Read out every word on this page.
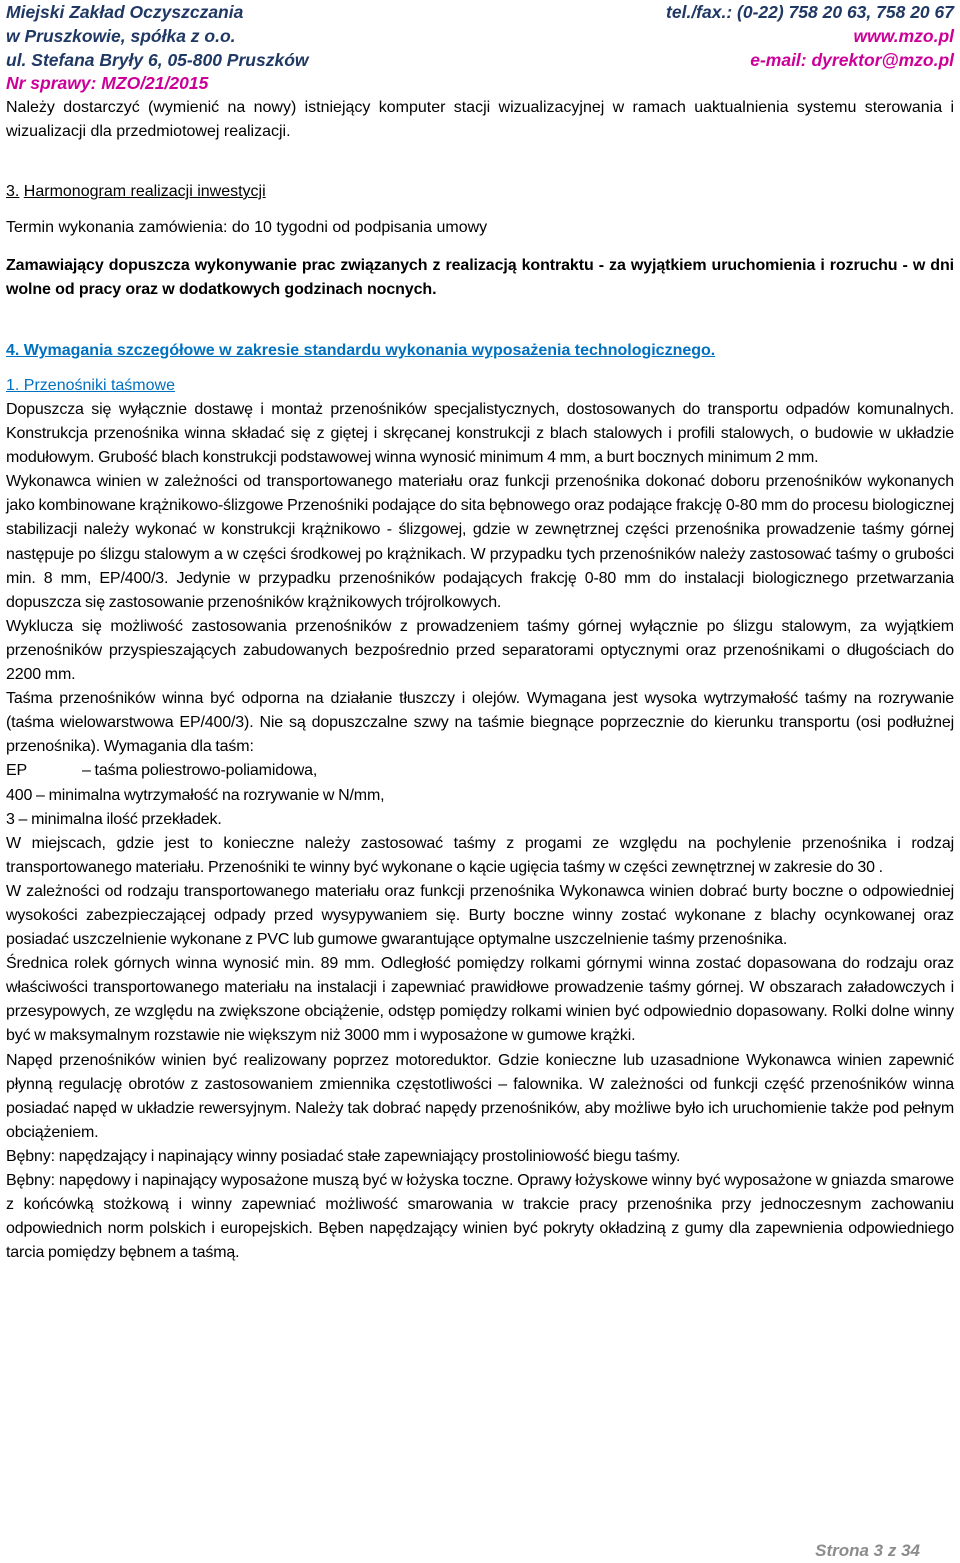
Miejski Zakład Oczyszczania	tel./fax.: (0-22) 758 20 63, 758 20 67
w Pruszkowie, spółka z o.o.	www.mzo.pl
ul. Stefana Bryły 6, 05-800 Pruszków	e-mail: dyrektor@mzo.pl
Nr sprawy: MZO/21/2015
Należy dostarczyć (wymienić na nowy) istniejący komputer stacji wizualizacyjnej w ramach uaktualnienia systemu sterowania i wizualizacji dla przedmiotowej realizacji.
3. Harmonogram realizacji inwestycji
Termin wykonania zamówienia: do 10 tygodni od podpisania umowy
Zamawiający dopuszcza wykonywanie prac związanych z realizacją kontraktu - za wyjątkiem uruchomienia i rozruchu - w dni wolne od pracy oraz w dodatkowych godzinach nocnych.
4. Wymagania szczegółowe w zakresie standardu wykonania wyposażenia technologicznego.
1. Przenośniki taśmowe

Dopuszcza się wyłącznie dostawę i montaż przenośników specjalistycznych, dostosowanych do transportu odpadów komunalnych. Konstrukcja przenośnika winna składać się z giętej i skręcanej konstrukcji z blach stalowych i profili stalowych, o budowie w układzie modułowym. Grubość blach konstrukcji podstawowej winna wynosić minimum 4 mm, a burt bocznych minimum 2 mm.

Wykonawca winien w zależności od transportowanego materiału oraz funkcji przenośnika dokonać doboru przenośników wykonanych jako kombinowane krążnikowo-ślizgowe Przenośniki podające do sita bębnowego oraz podające frakcję 0-80 mm do procesu biologicznej stabilizacji należy wykonać w konstrukcji krążnikowo - ślizgowej, gdzie w zewnętrznej części przenośnika prowadzenie taśmy górnej następuje po ślizgu stalowym a w części środkowej po krążnikach. W przypadku tych przenośników należy zastosować taśmy o grubości min. 8 mm, EP/400/3. Jedynie w przypadku przenośników podających frakcję 0-80 mm do instalacji biologicznego przetwarzania dopuszcza się zastosowanie przenośników krążnikowych trójrolkowych.

Wyklucza się możliwość zastosowania przenośników z prowadzeniem taśmy górnej wyłącznie po ślizgu stalowym, za wyjątkiem przenośników przyspieszających zabudowanych bezpośrednio przed separatorami optycznymi oraz przenośnikami o długościach do 2200 mm.

Taśma przenośników winna być odporna na działanie tłuszczy i olejów. Wymagana jest wysoka wytrzymałość taśmy na rozrywanie (taśma wielowarstwowa EP/400/3). Nie są dopuszczalne szwy na taśmie biegnące poprzecznie do kierunku transportu (osi podłużnej przenośnika). Wymagania dla taśm:

EP	– taśma poliestrowo-poliamidowa,

400 – minimalna wytrzymałość na rozrywanie w N/mm,

3 – minimalna ilość przekładek.

W miejscach, gdzie jest to konieczne należy zastosować taśmy z progami ze względu na pochylenie przenośnika i rodzaj transportowanego materiału. Przenośniki te winny być wykonane o kącie ugięcia taśmy w części zewnętrznej w zakresie do 30 .

W zależności od rodzaju transportowanego materiału oraz funkcji przenośnika Wykonawca winien dobrać burty boczne o odpowiedniej wysokości zabezpieczającej odpady przed wysypywaniem się. Burty boczne winny zostać wykonane z blachy ocynkowanej oraz posiadać uszczelnienie wykonane z PVC lub gumowe gwarantujące optymalne uszczelnienie taśmy przenośnika.

Średnica rolek górnych winna wynosić min. 89 mm. Odległość pomiędzy rolkami górnymi winna zostać dopasowana do rodzaju oraz właściwości transportowanego materiału na instalacji i zapewniać prawidłowe prowadzenie taśmy górnej. W obszarach załadowczych i przesypowych, ze względu na zwiększone obciążenie, odstęp pomiędzy rolkami winien być odpowiednio dopasowany. Rolki dolne winny być w maksymalnym rozstawie nie większym niż 3000 mm i wyposażone w gumowe krążki.

Napęd przenośników winien być realizowany poprzez motoreduktor. Gdzie konieczne lub uzasadnione Wykonawca winien zapewnić płynną regulację obrotów z zastosowaniem zmiennika częstotliwości – falownika. W zależności od funkcji część przenośników winna posiadać napęd w układzie rewersyjnym. Należy tak dobrać napędy przenośników, aby możliwe było ich uruchomienie także pod pełnym obciążeniem.

Bębny: napędzający i napinający winny posiadać stałe zapewniający prostoliniowość biegu taśmy.

Bębny: napędowy i napinający wyposażone muszą być w łożyska toczne. Oprawy łożyskowe winny być wyposażone w gniazda smarowe z końcówką stożkową i winny zapewniać możliwość smarowania w trakcie pracy przenośnika przy jednoczesnym zachowaniu odpowiednich norm polskich i europejskich. Bęben napędzający winien być pokryty okładziną z gumy dla zapewnienia odpowiedniego tarcia pomiędzy bębnem a taśmą.

Strona 3 z 34
